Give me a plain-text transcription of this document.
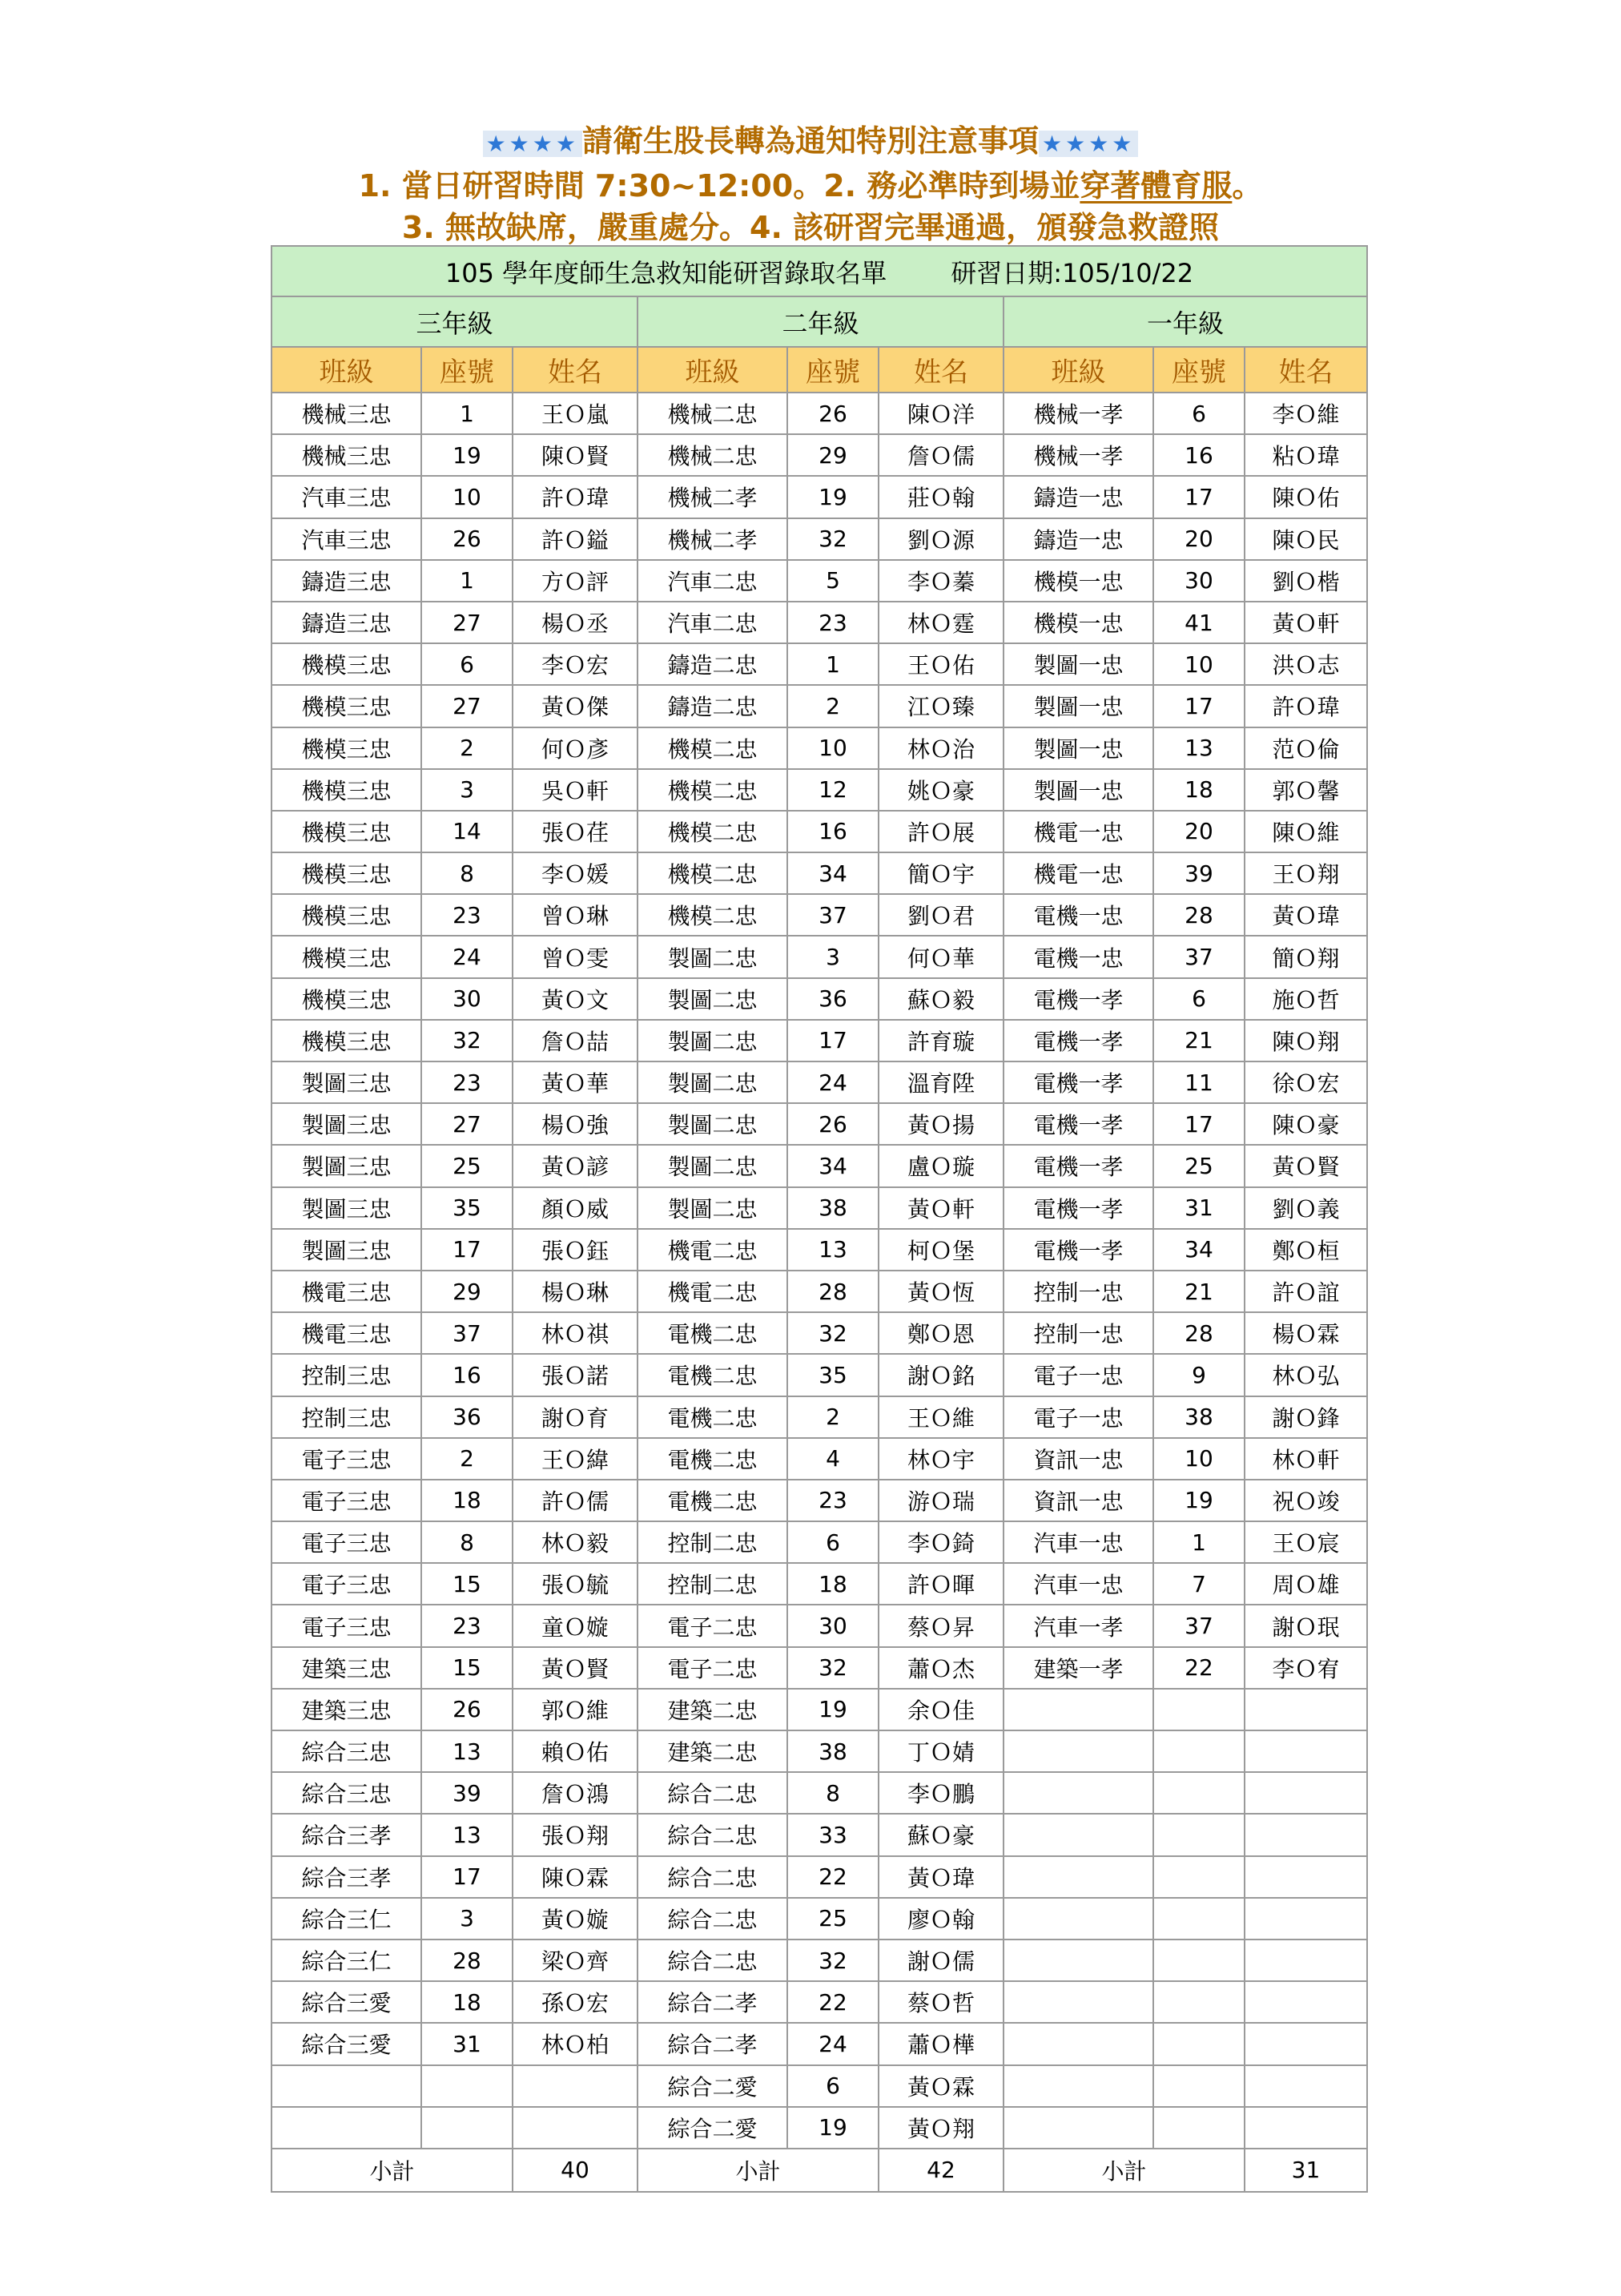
★★★★ 請衛生股長轉為通知特別注意事項 ★★★★
1. 當日研習時間 7:30~12:00。2. 務必準時到場並穿著體育服。
3. 無故缺席，嚴重處分。4. 該研習完畢通過，頒發急救證照
105 學年度師生急救知能研習錄取名單 研習日期:105/10/22								
三年級			二年級			一年級		
班級	座號	姓名	班級	座號	姓名	班級	座號	姓名
機械三忠	1	王Ｏ嵐	機械二忠	26	陳Ｏ洋	機械一孝	6	李Ｏ維
機械三忠	19	陳Ｏ賢	機械二忠	29	詹Ｏ儒	機械一孝	16	粘Ｏ瑋
汽車三忠	10	許Ｏ瑋	機械二孝	19	莊Ｏ翰	鑄造一忠	17	陳Ｏ佑
汽車三忠	26	許Ｏ鎰	機械二孝	32	劉Ｏ源	鑄造一忠	20	陳Ｏ民
鑄造三忠	1	方Ｏ評	汽車二忠	5	李Ｏ蓁	機模一忠	30	劉Ｏ楷
鑄造三忠	27	楊Ｏ丞	汽車二忠	23	林Ｏ霆	機模一忠	41	黃Ｏ軒
機模三忠	6	李Ｏ宏	鑄造二忠	1	王Ｏ佑	製圖一忠	10	洪Ｏ志
機模三忠	27	黃Ｏ傑	鑄造二忠	2	江Ｏ臻	製圖一忠	17	許Ｏ瑋
機模三忠	2	何Ｏ彥	機模二忠	10	林Ｏ治	製圖一忠	13	范Ｏ倫
機模三忠	3	吳Ｏ軒	機模二忠	12	姚Ｏ豪	製圖一忠	18	郭Ｏ馨
機模三忠	14	張Ｏ荏	機模二忠	16	許Ｏ展	機電一忠	20	陳Ｏ維
機模三忠	8	李Ｏ媛	機模二忠	34	簡Ｏ宇	機電一忠	39	王Ｏ翔
機模三忠	23	曾Ｏ琳	機模二忠	37	劉Ｏ君	電機一忠	28	黃Ｏ瑋
機模三忠	24	曾Ｏ雯	製圖二忠	3	何Ｏ華	電機一忠	37	簡Ｏ翔
機模三忠	30	黃Ｏ文	製圖二忠	36	蘇Ｏ毅	電機一孝	6	施Ｏ哲
機模三忠	32	詹Ｏ喆	製圖二忠	17	許育璇	電機一孝	21	陳Ｏ翔
製圖三忠	23	黃Ｏ華	製圖二忠	24	溫育陞	電機一孝	11	徐Ｏ宏
製圖三忠	27	楊Ｏ強	製圖二忠	26	黃Ｏ揚	電機一孝	17	陳Ｏ豪
製圖三忠	25	黃Ｏ諺	製圖二忠	34	盧Ｏ璇	電機一孝	25	黃Ｏ賢
製圖三忠	35	顏Ｏ威	製圖二忠	38	黃Ｏ軒	電機一孝	31	劉Ｏ義
製圖三忠	17	張Ｏ鈺	機電二忠	13	柯Ｏ堡	電機一孝	34	鄭Ｏ桓
機電三忠	29	楊Ｏ琳	機電二忠	28	黃Ｏ恆	控制一忠	21	許Ｏ誼
機電三忠	37	林Ｏ祺	電機二忠	32	鄭Ｏ恩	控制一忠	28	楊Ｏ霖
控制三忠	16	張Ｏ諾	電機二忠	35	謝Ｏ銘	電子一忠	9	林Ｏ弘
控制三忠	36	謝Ｏ育	電機二忠	2	王Ｏ維	電子一忠	38	謝Ｏ鋒
電子三忠	2	王Ｏ緯	電機二忠	4	林Ｏ宇	資訊一忠	10	林Ｏ軒
電子三忠	18	許Ｏ儒	電機二忠	23	游Ｏ瑞	資訊一忠	19	祝Ｏ竣
電子三忠	8	林Ｏ毅	控制二忠	6	李Ｏ錡	汽車一忠	1	王Ｏ宸
電子三忠	15	張Ｏ毓	控制二忠	18	許Ｏ暉	汽車一忠	7	周Ｏ雄
電子三忠	23	童Ｏ嫙	電子二忠	30	蔡Ｏ昇	汽車一孝	37	謝Ｏ珉
建築三忠	15	黃Ｏ賢	電子二忠	32	蕭Ｏ杰	建築一孝	22	李Ｏ宥
建築三忠	26	郭Ｏ維	建築二忠	19	余Ｏ佳			
綜合三忠	13	賴Ｏ佑	建築二忠	38	丁Ｏ婧			
綜合三忠	39	詹Ｏ鴻	綜合二忠	8	李Ｏ鵬			
綜合三孝	13	張Ｏ翔	綜合二忠	33	蘇Ｏ豪			
綜合三孝	17	陳Ｏ霖	綜合二忠	22	黃Ｏ瑋			
綜合三仁	3	黃Ｏ嫙	綜合二忠	25	廖Ｏ翰			
綜合三仁	28	梁Ｏ齊	綜合二忠	32	謝Ｏ儒			
綜合三愛	18	孫Ｏ宏	綜合二孝	22	蔡Ｏ哲			
綜合三愛	31	林Ｏ柏	綜合二孝	24	蕭Ｏ樺			
			綜合二愛	6	黃Ｏ霖			
			綜合二愛	19	黃Ｏ翔			
小計		40	小計		42	小計		31
